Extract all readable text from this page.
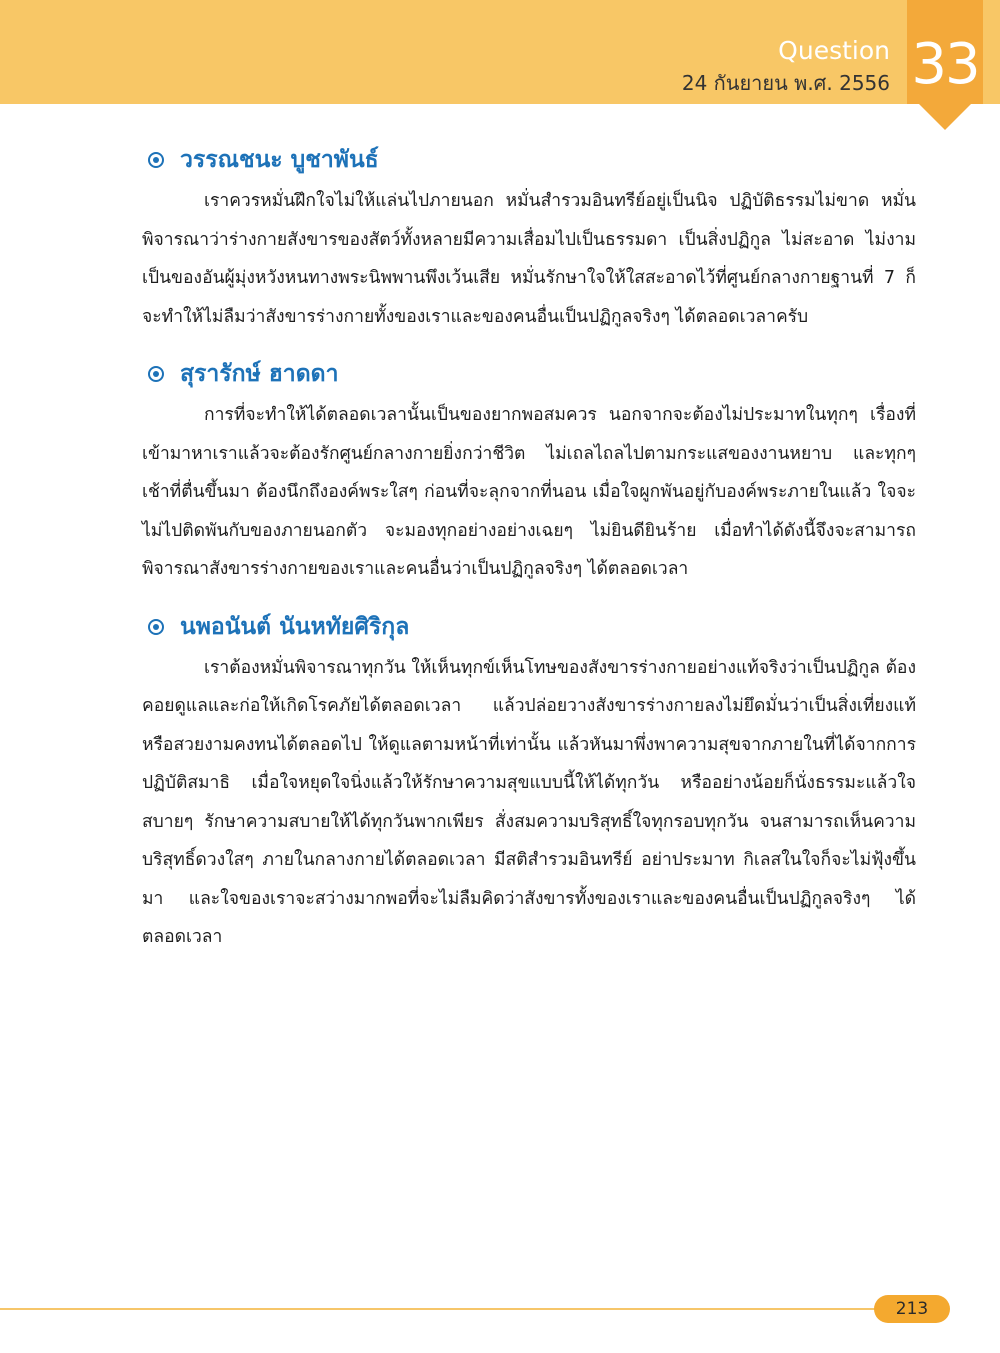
Question
24 กันยายน พ.ศ. 2556 33
วรรณชนะ บูชาพันธ์

เราควรหมั่นฝึกใจไม่ให้แล่นไปภายนอก หมั่นสำรวมอินทรีย์อยู่เป็นนิจ ปฏิบัติธรรมไม่ขาด หมั่นพิจารณาว่าร่างกายสังขารของสัตว์ทั้งหลายมีความเสื่อมไปเป็นธรรมดา เป็นสิ่งปฏิกูล ไม่สะอาด ไม่งาม เป็นของอันผู้มุ่งหวังหนทางพระนิพพานพึงเว้นเสีย หมั่นรักษาใจให้ใสสะอาดไว้ที่ศูนย์กลางกายฐานที่ 7 ก็จะทำให้ไม่ลืมว่าสังขารร่างกายทั้งของเราและของคนอื่นเป็นปฏิกูลจริงๆ ได้ตลอดเวลาครับ

สุรารักษ์ ฮาดดา

การที่จะทำให้ได้ตลอดเวลานั้นเป็นของยากพอสมควร นอกจากจะต้องไม่ประมาทในทุกๆ เรื่องที่เข้ามาหาเราแล้วจะต้องรักศูนย์กลางกายยิ่งกว่าชีวิต ไม่เถลไถลไปตามกระแสของงานหยาบ และทุกๆ เช้าที่ตื่นขึ้นมา ต้องนึกถึงองค์พระใสๆ ก่อนที่จะลุกจากที่นอน เมื่อใจผูกพันอยู่กับองค์พระภายในแล้ว ใจจะไม่ไปติดพันกับของภายนอกตัว จะมองทุกอย่างอย่างเฉยๆ ไม่ยินดียินร้าย เมื่อทำได้ดังนี้จึงจะสามารถพิจารณาสังขารร่างกายของเราและคนอื่นว่าเป็นปฏิกูลจริงๆ ได้ตลอดเวลา

นพอนันต์ นันหทัยศิริกุล

เราต้องหมั่นพิจารณาทุกวัน ให้เห็นทุกข์เห็นโทษของสังขารร่างกายอย่างแท้จริงว่าเป็นปฏิกูล ต้องคอยดูแลและก่อให้เกิดโรคภัยได้ตลอดเวลา แล้วปล่อยวางสังขารร่างกายลงไม่ยึดมั่นว่าเป็นสิ่งเที่ยงแท้หรือสวยงามคงทนได้ตลอดไป ให้ดูแลตามหน้าที่เท่านั้น แล้วหันมาพึ่งพาความสุขจากภายในที่ได้จากการปฏิบัติสมาธิ เมื่อใจหยุดใจนิ่งแล้วให้รักษาความสุขแบบนี้ให้ได้ทุกวัน หรืออย่างน้อยก็นั่งธรรมะแล้วใจสบายๆ รักษาความสบายให้ได้ทุกวันพากเพียร สั่งสมความบริสุทธิ์ใจทุกรอบทุกวัน จนสามารถเห็นความบริสุทธิ์ดวงใสๆ ภายในกลางกายได้ตลอดเวลา มีสติสำรวมอินทรีย์ อย่าประมาท กิเลสในใจก็จะไม่ฟุ้งขึ้นมา และใจของเราจะสว่างมากพอที่จะไม่ลืมคิดว่าสังขารทั้งของเราและของคนอื่นเป็นปฏิกูลจริงๆ ได้ตลอดเวลา

213
